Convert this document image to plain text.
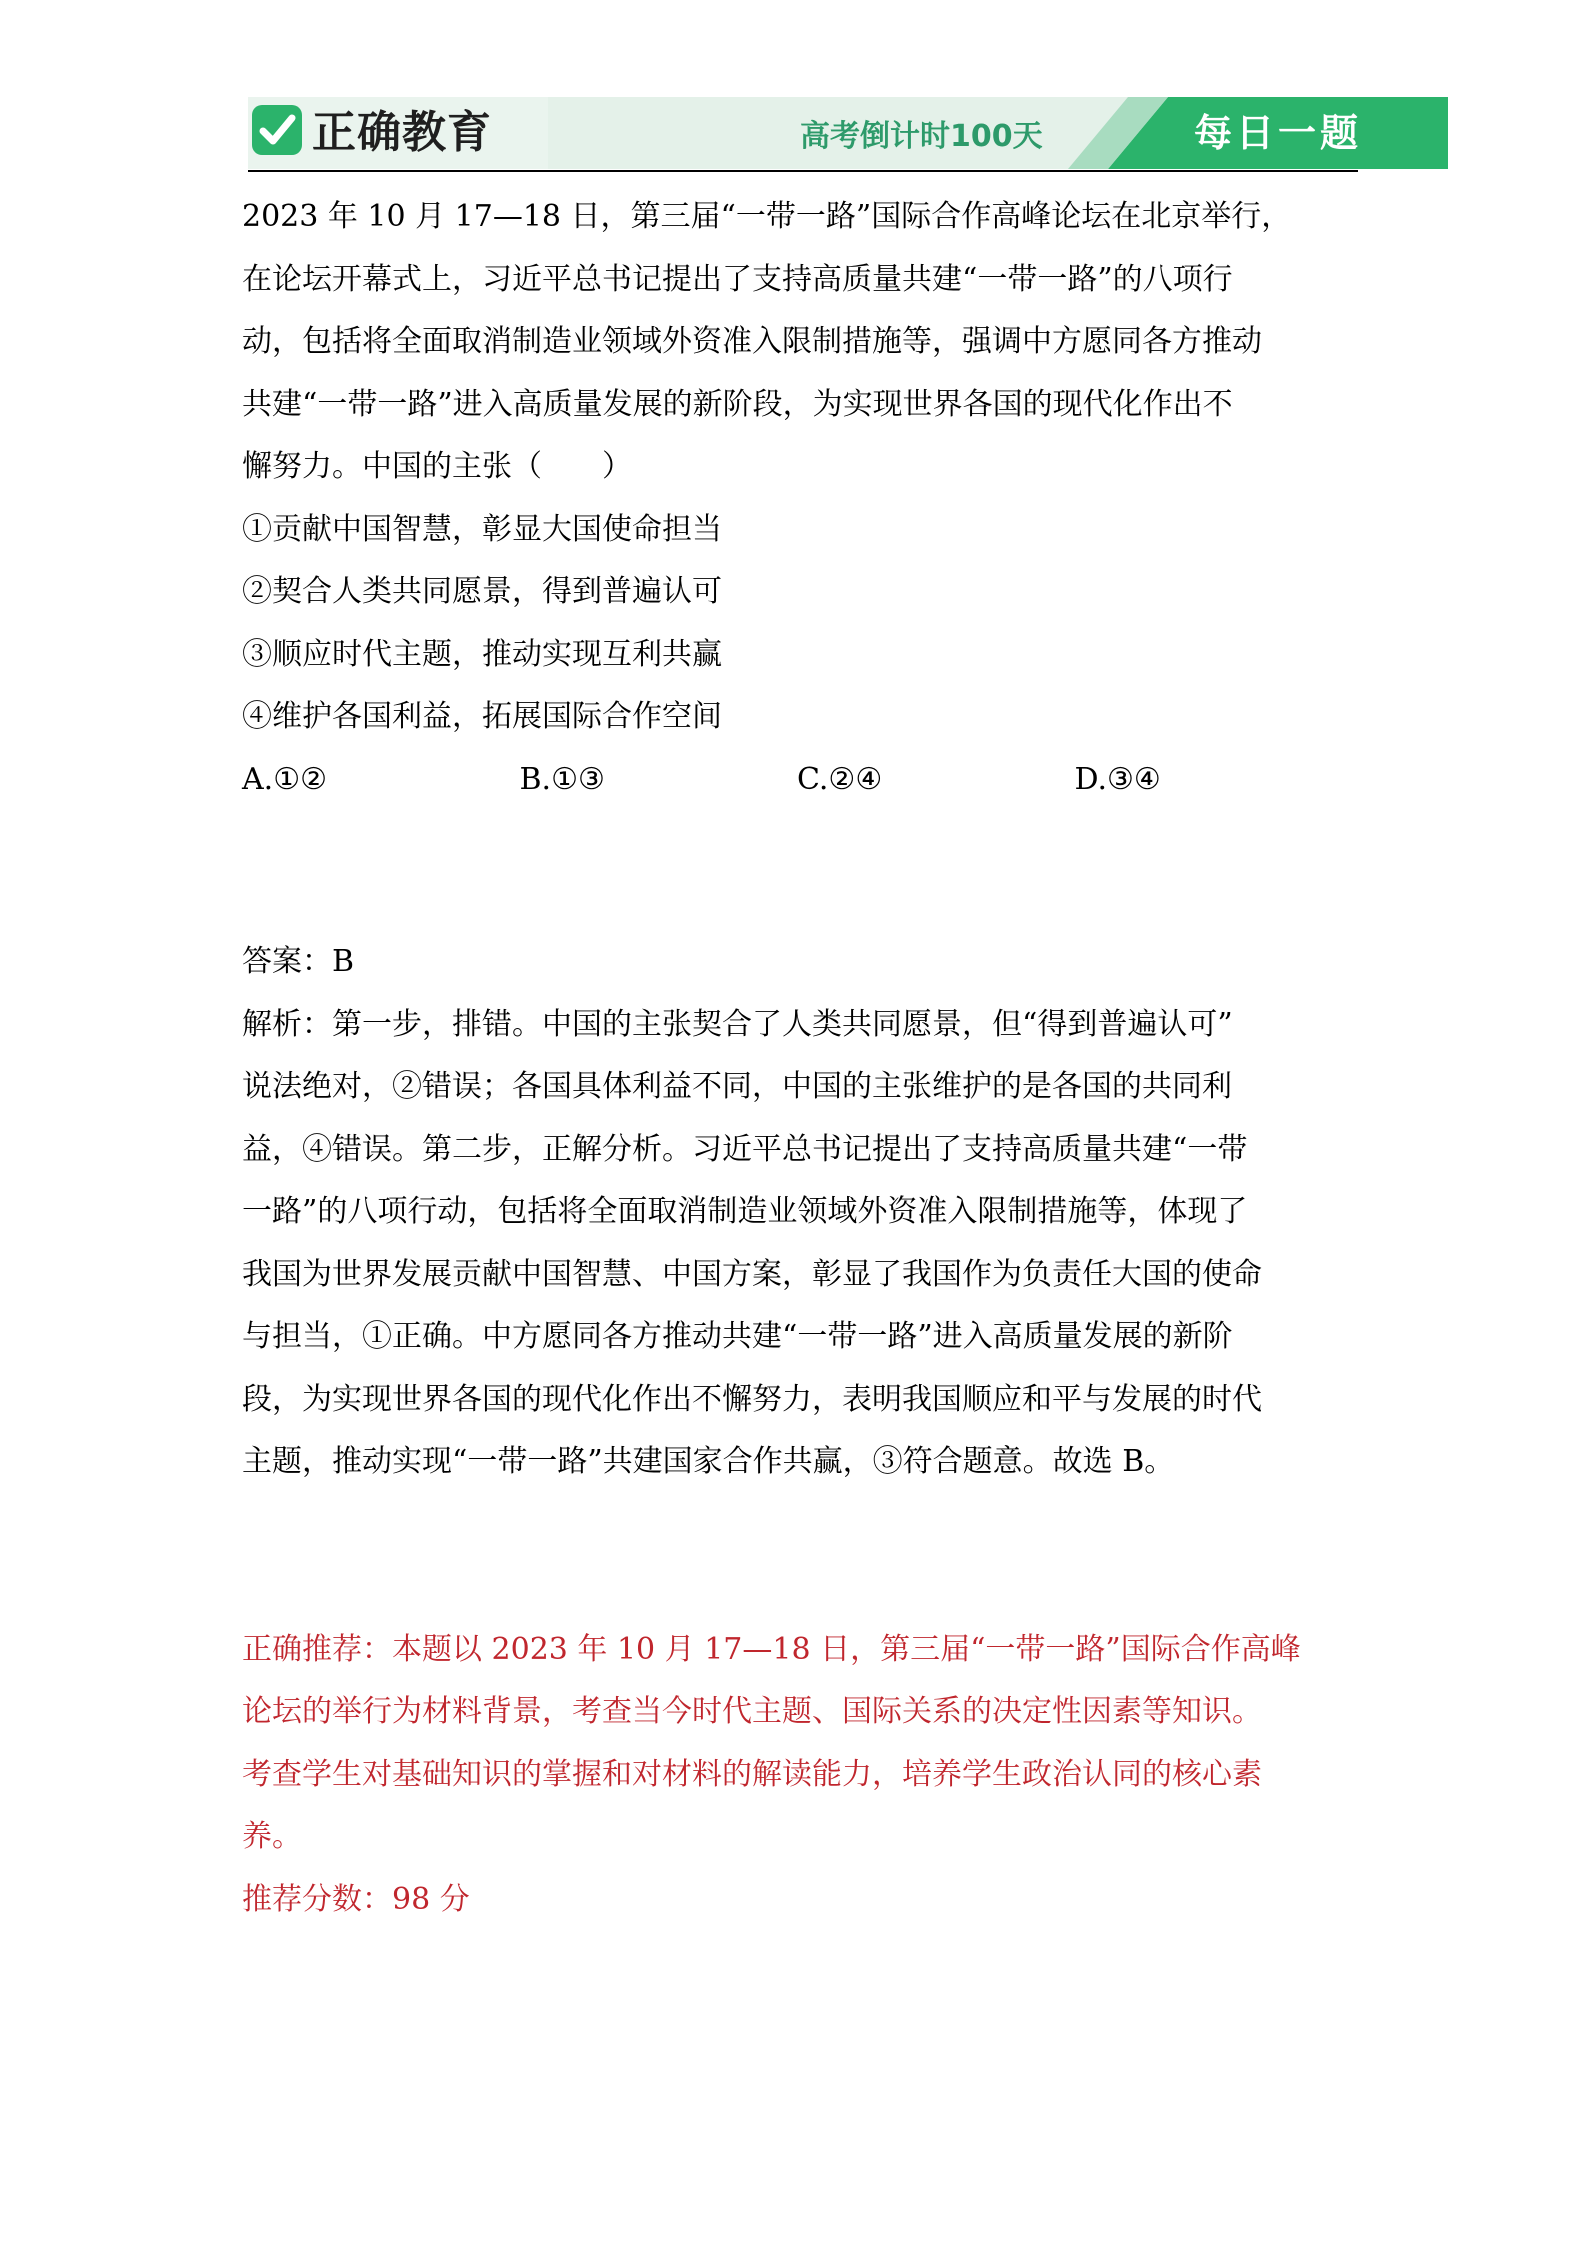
正确教育	高考倒计时100天	每日一题

2023 年 10 月 17—18 日，第三届“一带一路”国际合作高峰论坛在北京举行，

在论坛开幕式上，习近平总书记提出了支持高质量共建“一带一路”的八项行

动，包括将全面取消制造业领域外资准入限制措施等，强调中方愿同各方推动

共建“一带一路”进入高质量发展的新阶段，为实现世界各国的现代化作出不

懈努力。中国的主张（　　）

①贡献中国智慧，彰显大国使命担当

②契合人类共同愿景，得到普遍认可

③顺应时代主题，推动实现互利共赢

④维护各国利益，拓展国际合作空间

A.①②	B.①③	C.②④	D.③④

答案：B

解析：第一步，排错。中国的主张契合了人类共同愿景，但“得到普遍认可”

说法绝对，②错误；各国具体利益不同，中国的主张维护的是各国的共同利

益，④错误。第二步，正解分析。习近平总书记提出了支持高质量共建“一带

一路”的八项行动，包括将全面取消制造业领域外资准入限制措施等，体现了

我国为世界发展贡献中国智慧、中国方案，彰显了我国作为负责任大国的使命

与担当，①正确。中方愿同各方推动共建“一带一路”进入高质量发展的新阶

段，为实现世界各国的现代化作出不懈努力，表明我国顺应和平与发展的时代

主题，推动实现“一带一路”共建国家合作共赢，③符合题意。故选 B。

正确推荐：本题以 2023 年 10 月 17—18 日，第三届“一带一路”国际合作高峰

论坛的举行为材料背景，考查当今时代主题、国际关系的决定性因素等知识。

考查学生对基础知识的掌握和对材料的解读能力，培养学生政治认同的核心素

养。

推荐分数：98 分
